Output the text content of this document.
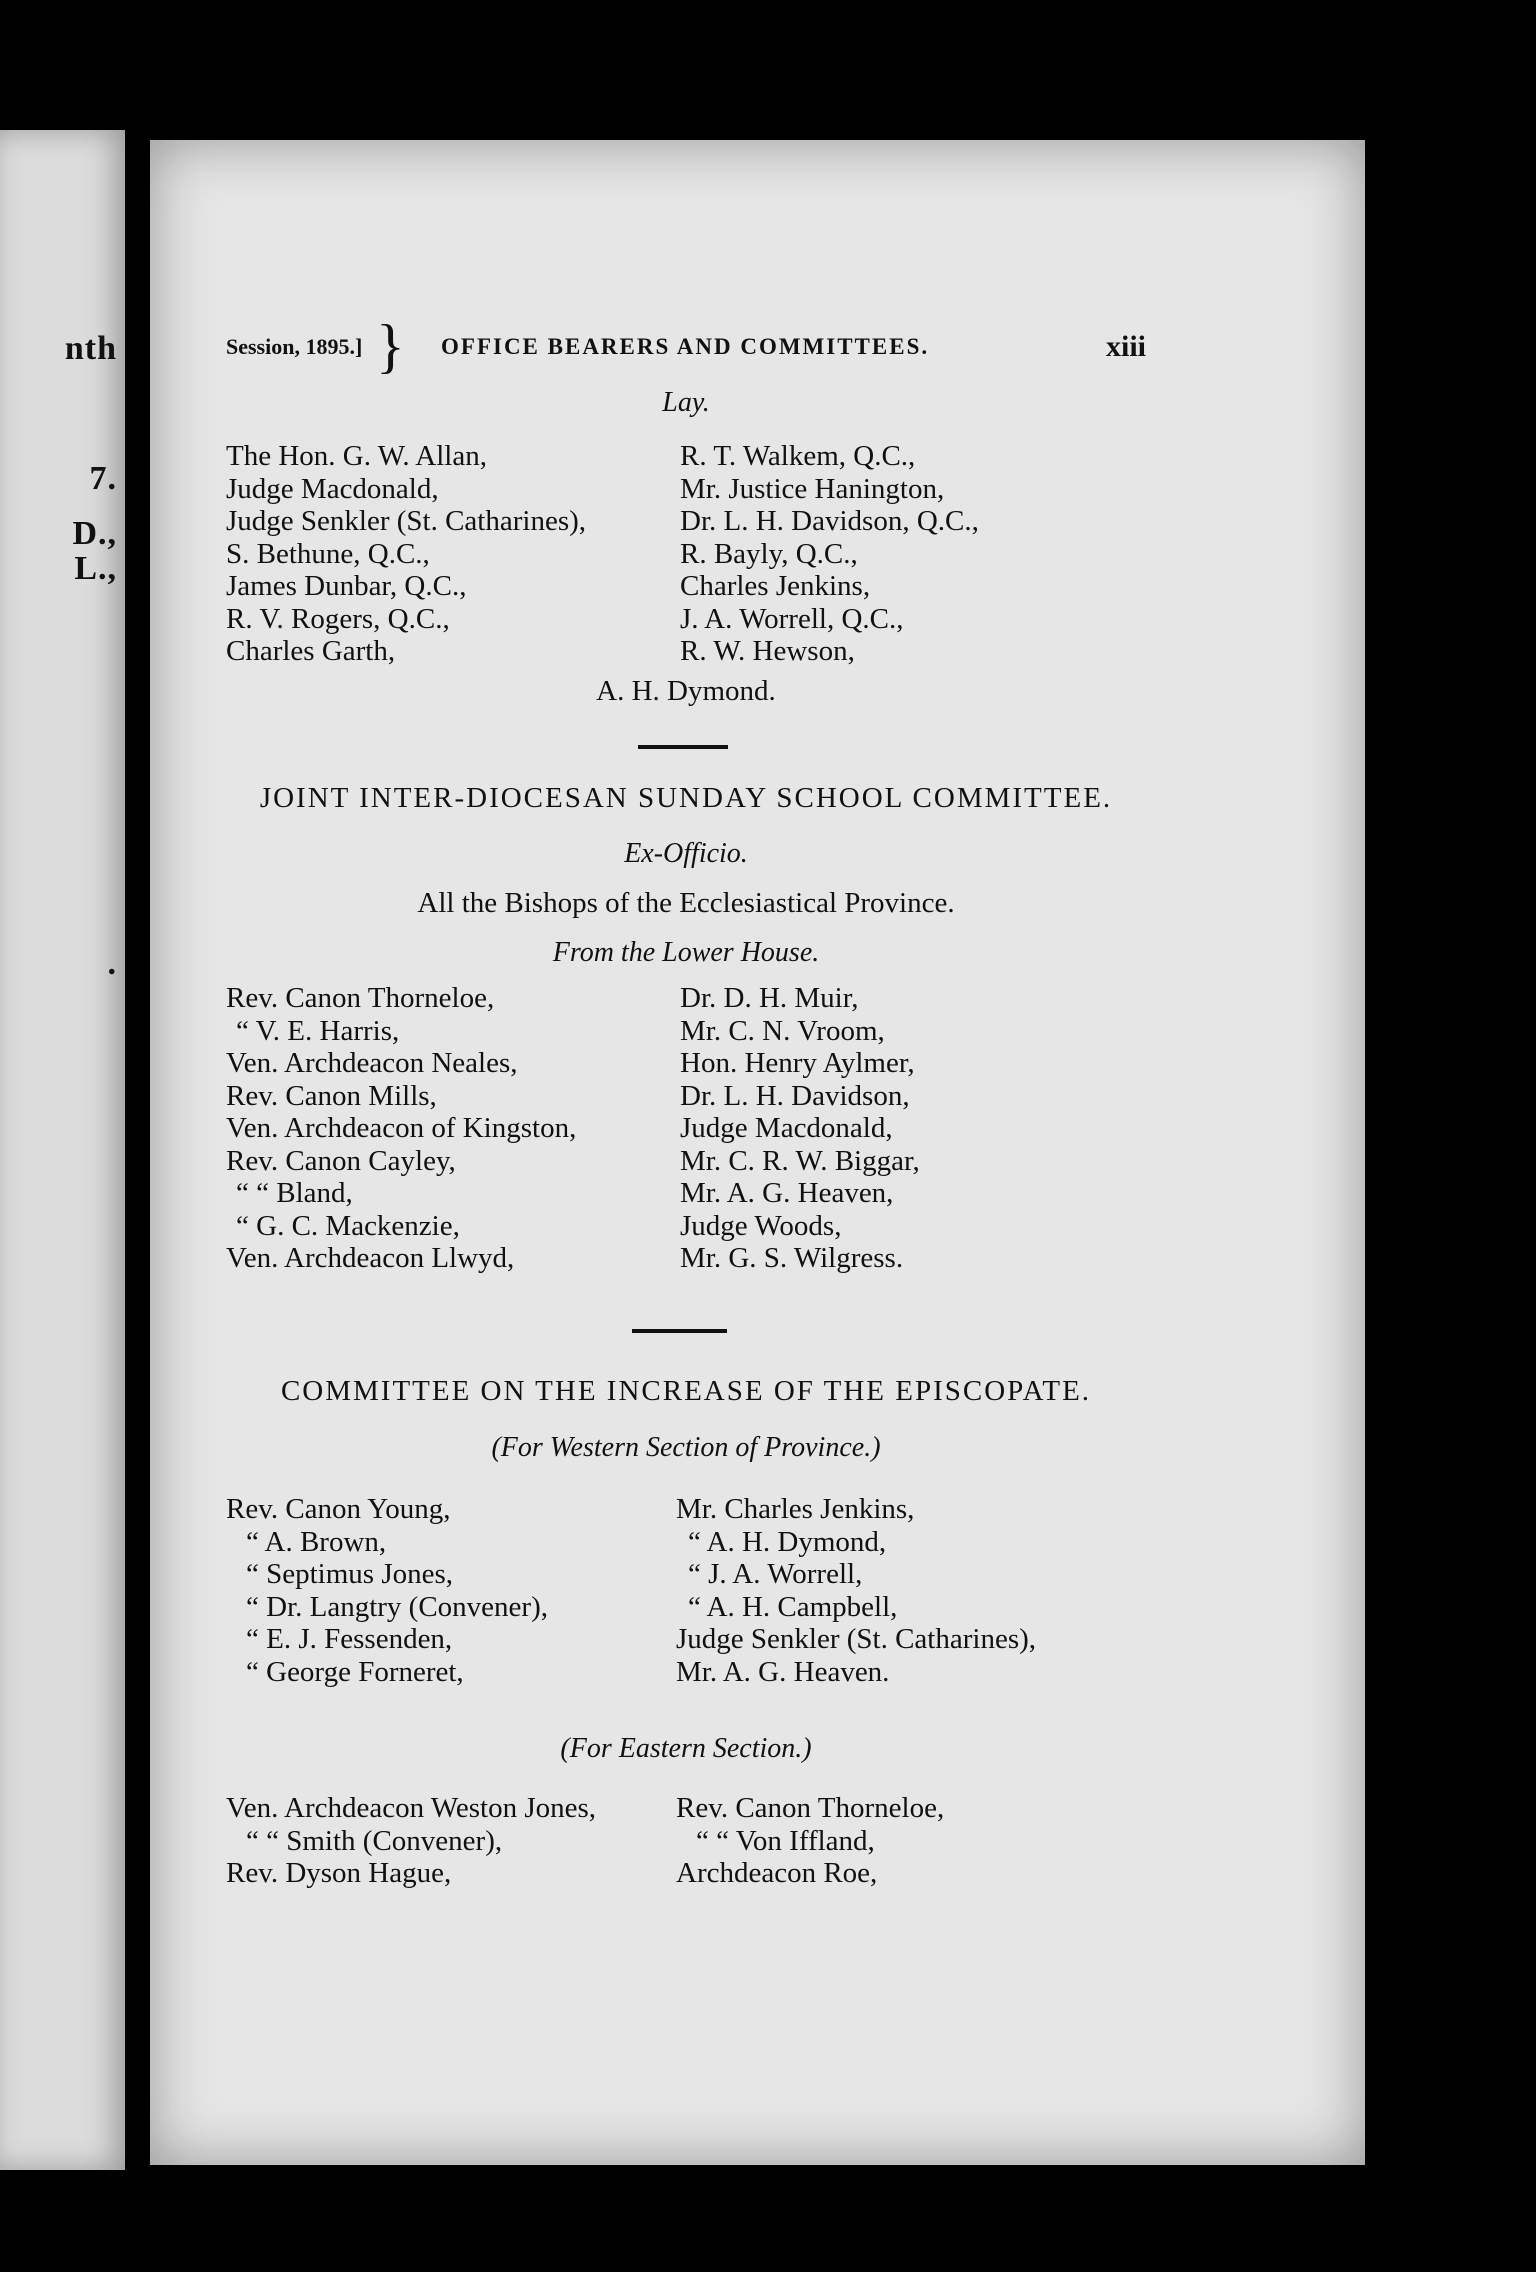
nth
7.
D.,
L.,
.
Session, 1895.] } OFFICE BEARERS AND COMMITTEES.	xiii
Lay.
The Hon. G. W. Allan,
Judge Macdonald,
Judge Senkler (St. Catharines),
S. Bethune, Q.C.,
James Dunbar, Q.C.,
R. V. Rogers, Q.C.,
Charles Garth,
R. T. Walkem, Q.C.,
Mr. Justice Hanington,
Dr. L. H. Davidson, Q.C.,
R. Bayly, Q.C.,
Charles Jenkins,
J. A. Worrell, Q.C.,
R. W. Hewson,
A. H. Dymond.
JOINT INTER-DIOCESAN SUNDAY SCHOOL COMMITTEE.
Ex-Officio.
All the Bishops of the Ecclesiastical Province.
From the Lower House.
Rev. Canon Thorneloe,
“ V. E. Harris,
Ven. Archdeacon Neales,
Rev. Canon Mills,
Ven. Archdeacon of Kingston,
Rev. Canon Cayley,
“ “ Bland,
“ G. C. Mackenzie,
Ven. Archdeacon Llwyd,
Dr. D. H. Muir,
Mr. C. N. Vroom,
Hon. Henry Aylmer,
Dr. L. H. Davidson,
Judge Macdonald,
Mr. C. R. W. Biggar,
Mr. A. G. Heaven,
Judge Woods,
Mr. G. S. Wilgress.
COMMITTEE ON THE INCREASE OF THE EPISCOPATE.
(For Western Section of Province.)
Rev. Canon Young,
“ A. Brown,
“ Septimus Jones,
“ Dr. Langtry (Convener),
“ E. J. Fessenden,
“ George Forneret,
Mr. Charles Jenkins,
“ A. H. Dymond,
“ J. A. Worrell,
“ A. H. Campbell,
Judge Senkler (St. Catharines),
Mr. A. G. Heaven.
(For Eastern Section.)
Ven. Archdeacon Weston Jones,
“ “ Smith (Convener),
Rev. Dyson Hague,
Rev. Canon Thorneloe,
“ “ Von Iffland,
Archdeacon Roe,
